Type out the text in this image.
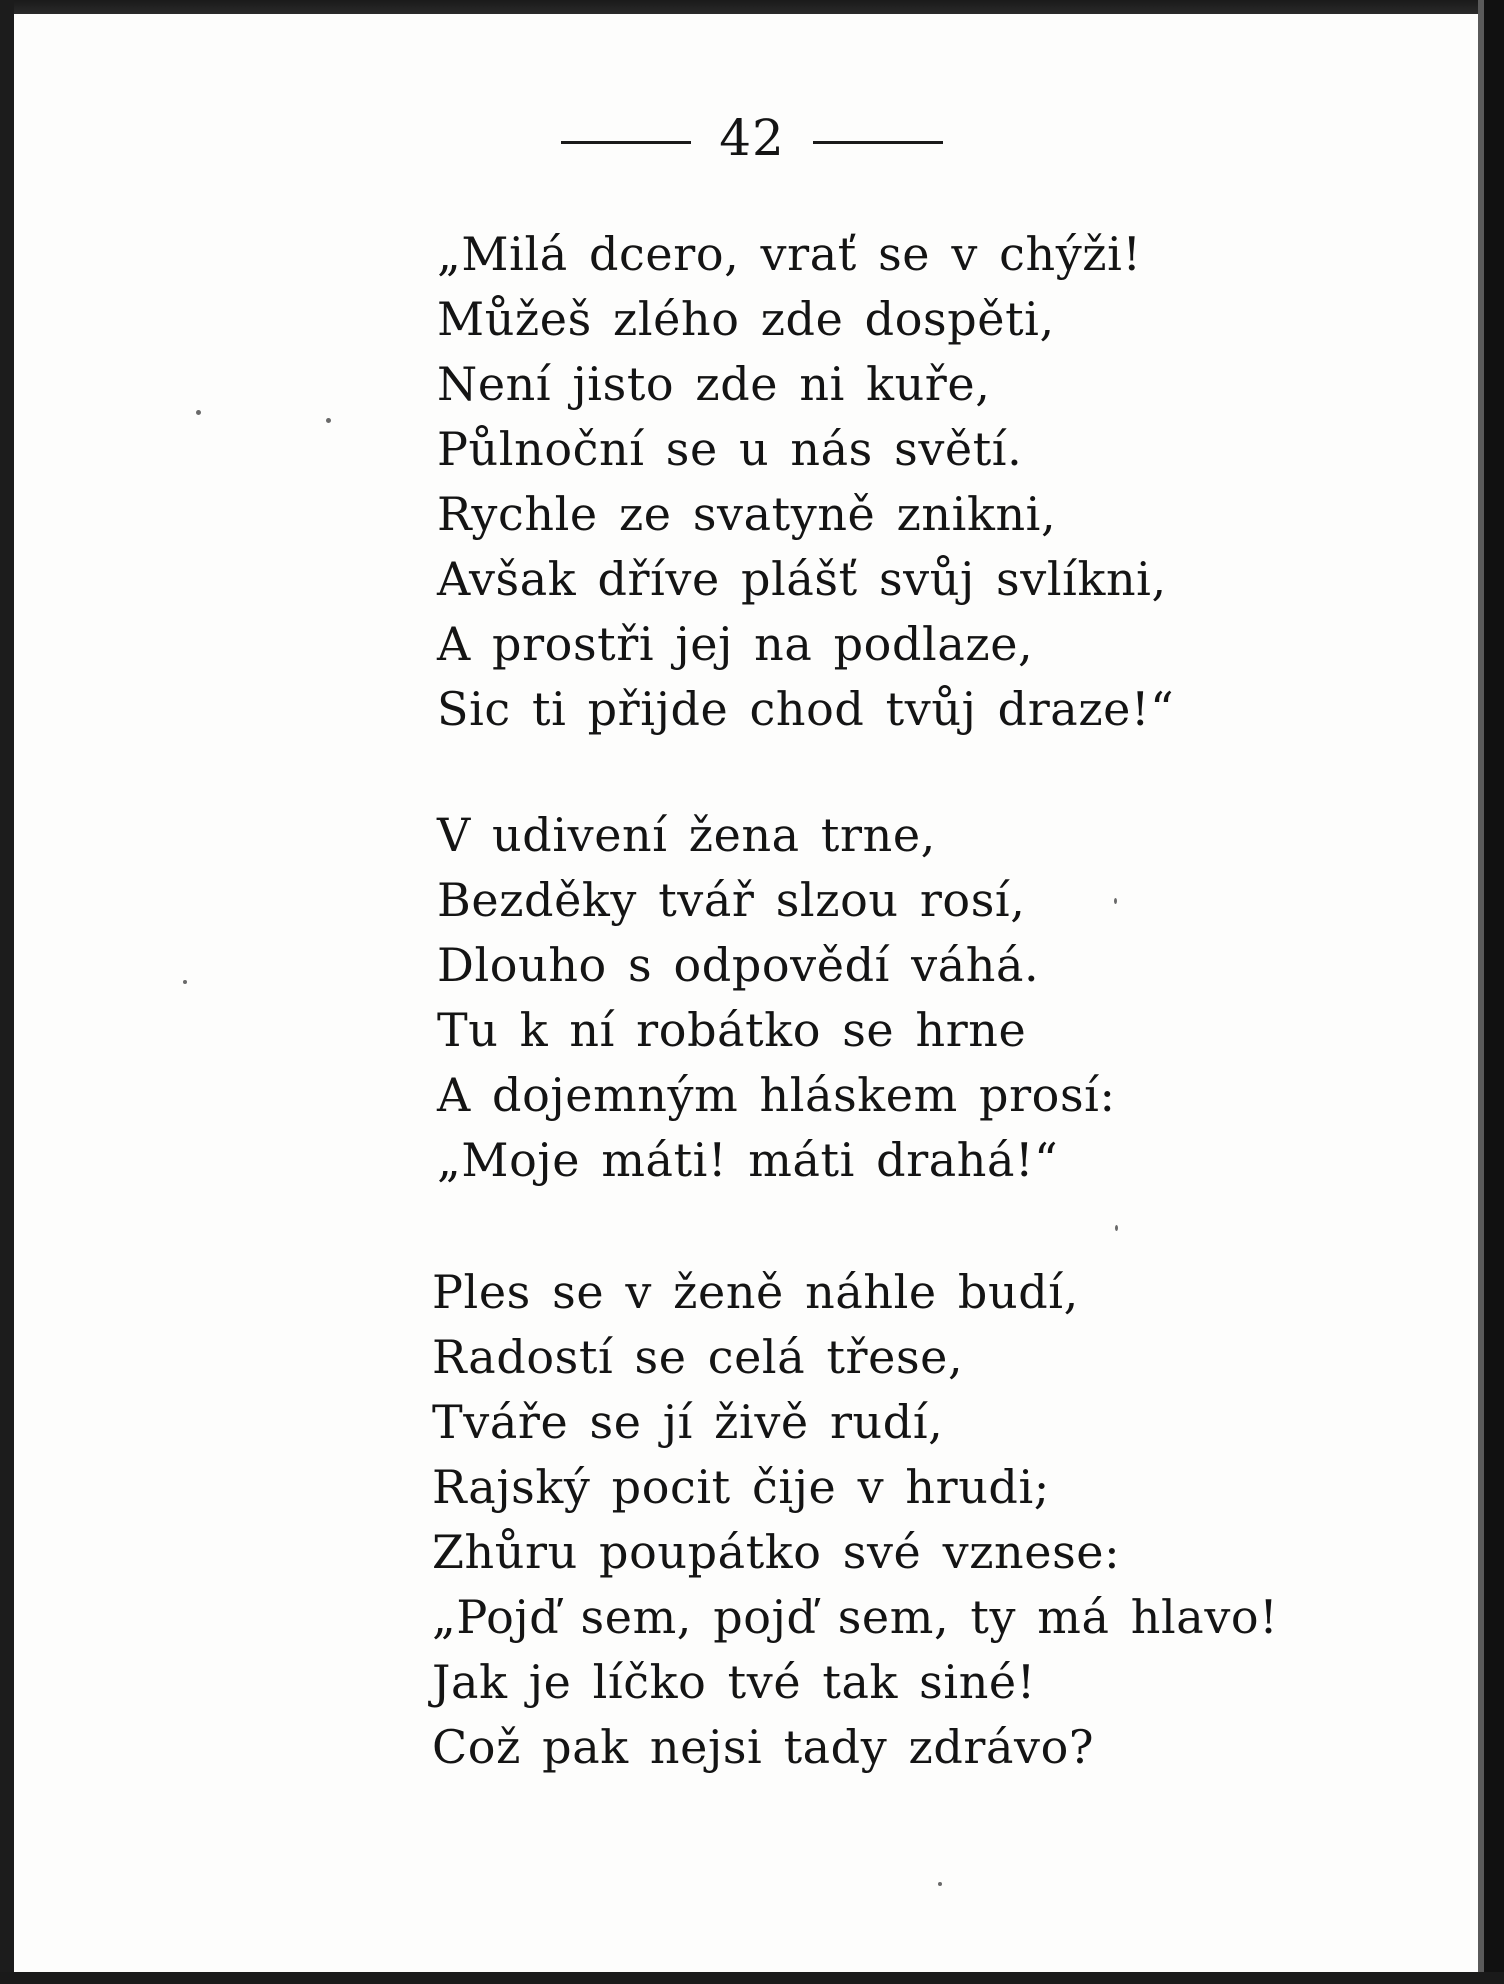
42
„Milá dcero, vrať se v chýži!
Můžeš zlého zde dospěti,
Není jisto zde ni kuře,
Půlnoční se u nás světí.
Rychle ze svatyně znikni,
Avšak dříve plášť svůj svlíkni,
A prostři jej na podlaze,
Sic ti přijde chod tvůj draze!“
V udivení žena trne,
Bezděky tvář slzou rosí,
Dlouho s odpovědí váhá.
Tu k ní robátko se hrne
A dojemným hláskem prosí:
„Moje máti! máti drahá!“
Ples se v ženě náhle budí,
Radostí se celá třese,
Tváře se jí živě rudí,
Rajský pocit čije v hrudi;
Zhůru poupátko své vznese:
„Pojď sem, pojď sem, ty má hlavo!
Jak je líčko tvé tak siné!
Což pak nejsi tady zdrávo?
